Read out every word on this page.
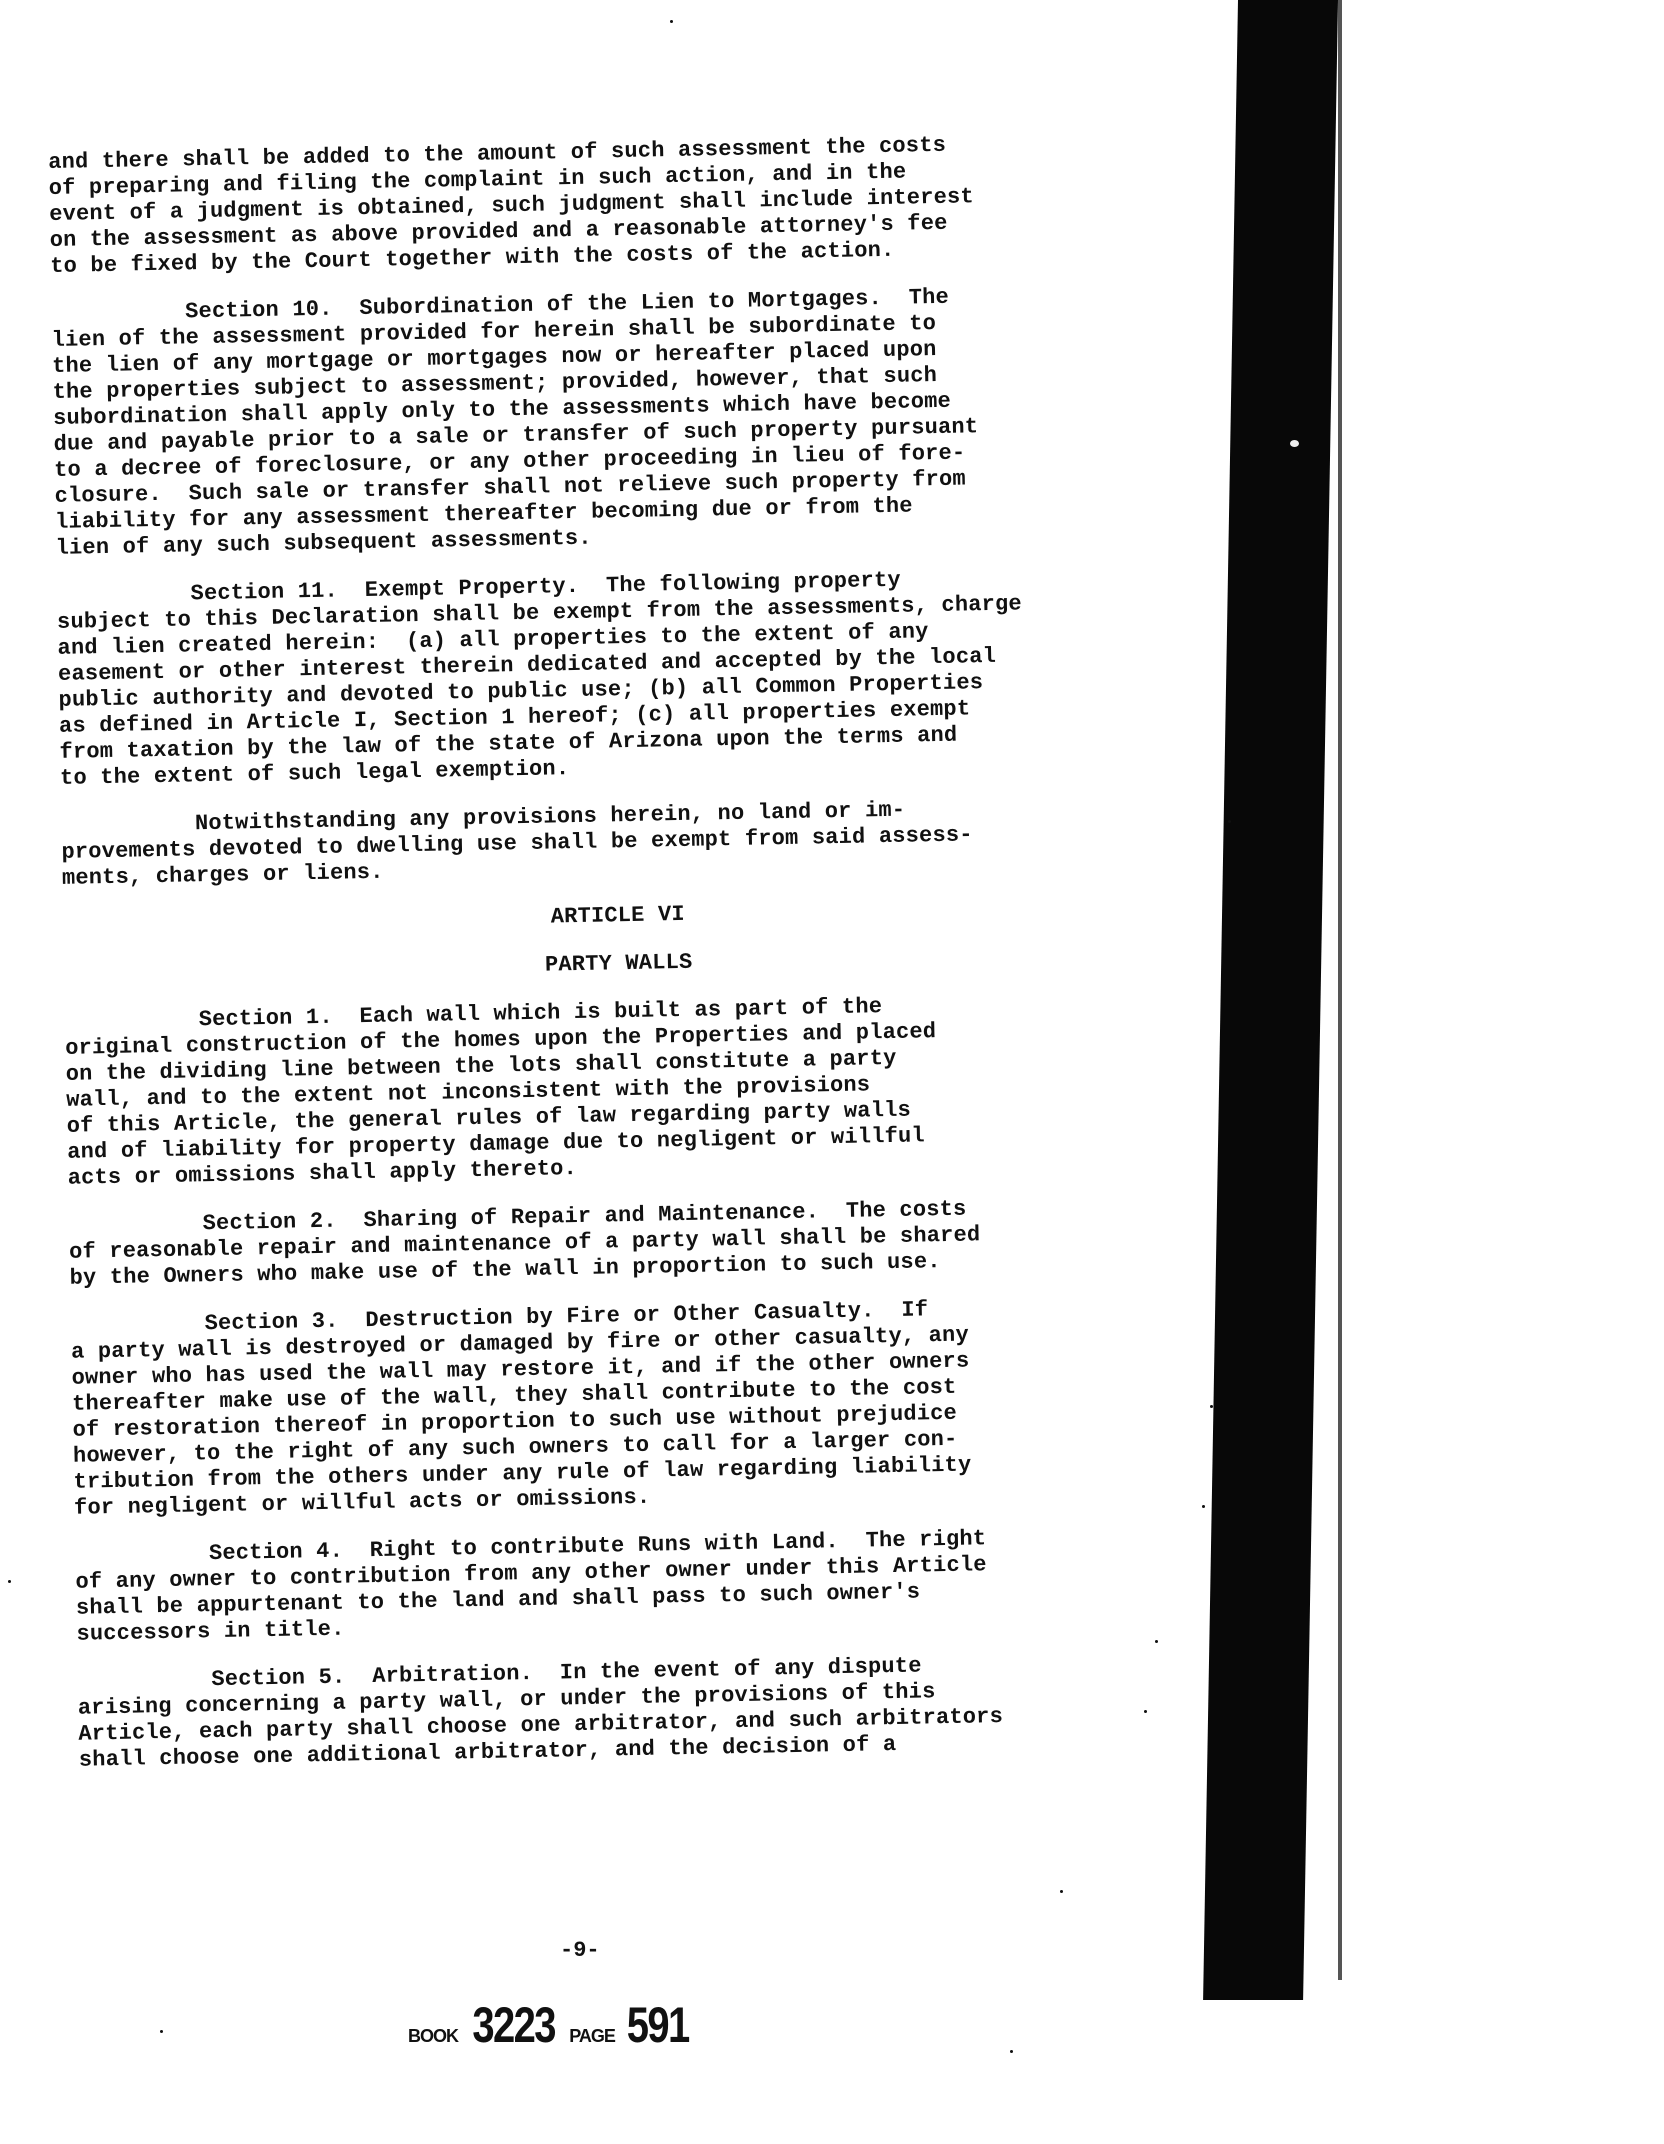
and there shall be added to the amount of such assessment the costs
of preparing and filing the complaint in such action, and in the
event of a judgment is obtained, such judgment shall include interest
on the assessment as above provided and a reasonable attorney's fee
to be fixed by the Court together with the costs of the action.

Section 10.  Subordination of the Lien to Mortgages.  The
lien of the assessment provided for herein shall be subordinate to
the lien of any mortgage or mortgages now or hereafter placed upon
the properties subject to assessment; provided, however, that such
subordination shall apply only to the assessments which have become
due and payable prior to a sale or transfer of such property pursuant
to a decree of foreclosure, or any other proceeding in lieu of fore-
closure.  Such sale or transfer shall not relieve such property from
liability for any assessment thereafter becoming due or from the
lien of any such subsequent assessments.

Section 11.  Exempt Property.  The following property
subject to this Declaration shall be exempt from the assessments, charge
and lien created herein:  (a) all properties to the extent of any
easement or other interest therein dedicated and accepted by the local
public authority and devoted to public use; (b) all Common Properties
as defined in Article I, Section 1 hereof; (c) all properties exempt
from taxation by the law of the state of Arizona upon the terms and
to the extent of such legal exemption.

Notwithstanding any provisions herein, no land or im-
provements devoted to dwelling use shall be exempt from said assess-
ments, charges or liens.

ARTICLE VI
PARTY WALLS

Section 1.  Each wall which is built as part of the
original construction of the homes upon the Properties and placed
on the dividing line between the lots shall constitute a party
wall, and to the extent not inconsistent with the provisions
of this Article, the general rules of law regarding party walls
and of liability for property damage due to negligent or willful
acts or omissions shall apply thereto.

Section 2.  Sharing of Repair and Maintenance.  The costs
of reasonable repair and maintenance of a party wall shall be shared
by the Owners who make use of the wall in proportion to such use.

Section 3.  Destruction by Fire or Other Casualty.  If
a party wall is destroyed or damaged by fire or other casualty, any
owner who has used the wall may restore it, and if the other owners
thereafter make use of the wall, they shall contribute to the cost
of restoration thereof in proportion to such use without prejudice
however, to the right of any such owners to call for a larger con-
tribution from the others under any rule of law regarding liability
for negligent or willful acts or omissions.

Section 4.  Right to contribute Runs with Land.  The right
of any owner to contribution from any other owner under this Article
shall be appurtenant to the land and shall pass to such owner's
successors in title.

Section 5.  Arbitration.  In the event of any dispute
arising concerning a party wall, or under the provisions of this
Article, each party shall choose one arbitrator, and such arbitrators
shall choose one additional arbitrator, and the decision of a

-9-
BOOK 3223 PAGE 591
